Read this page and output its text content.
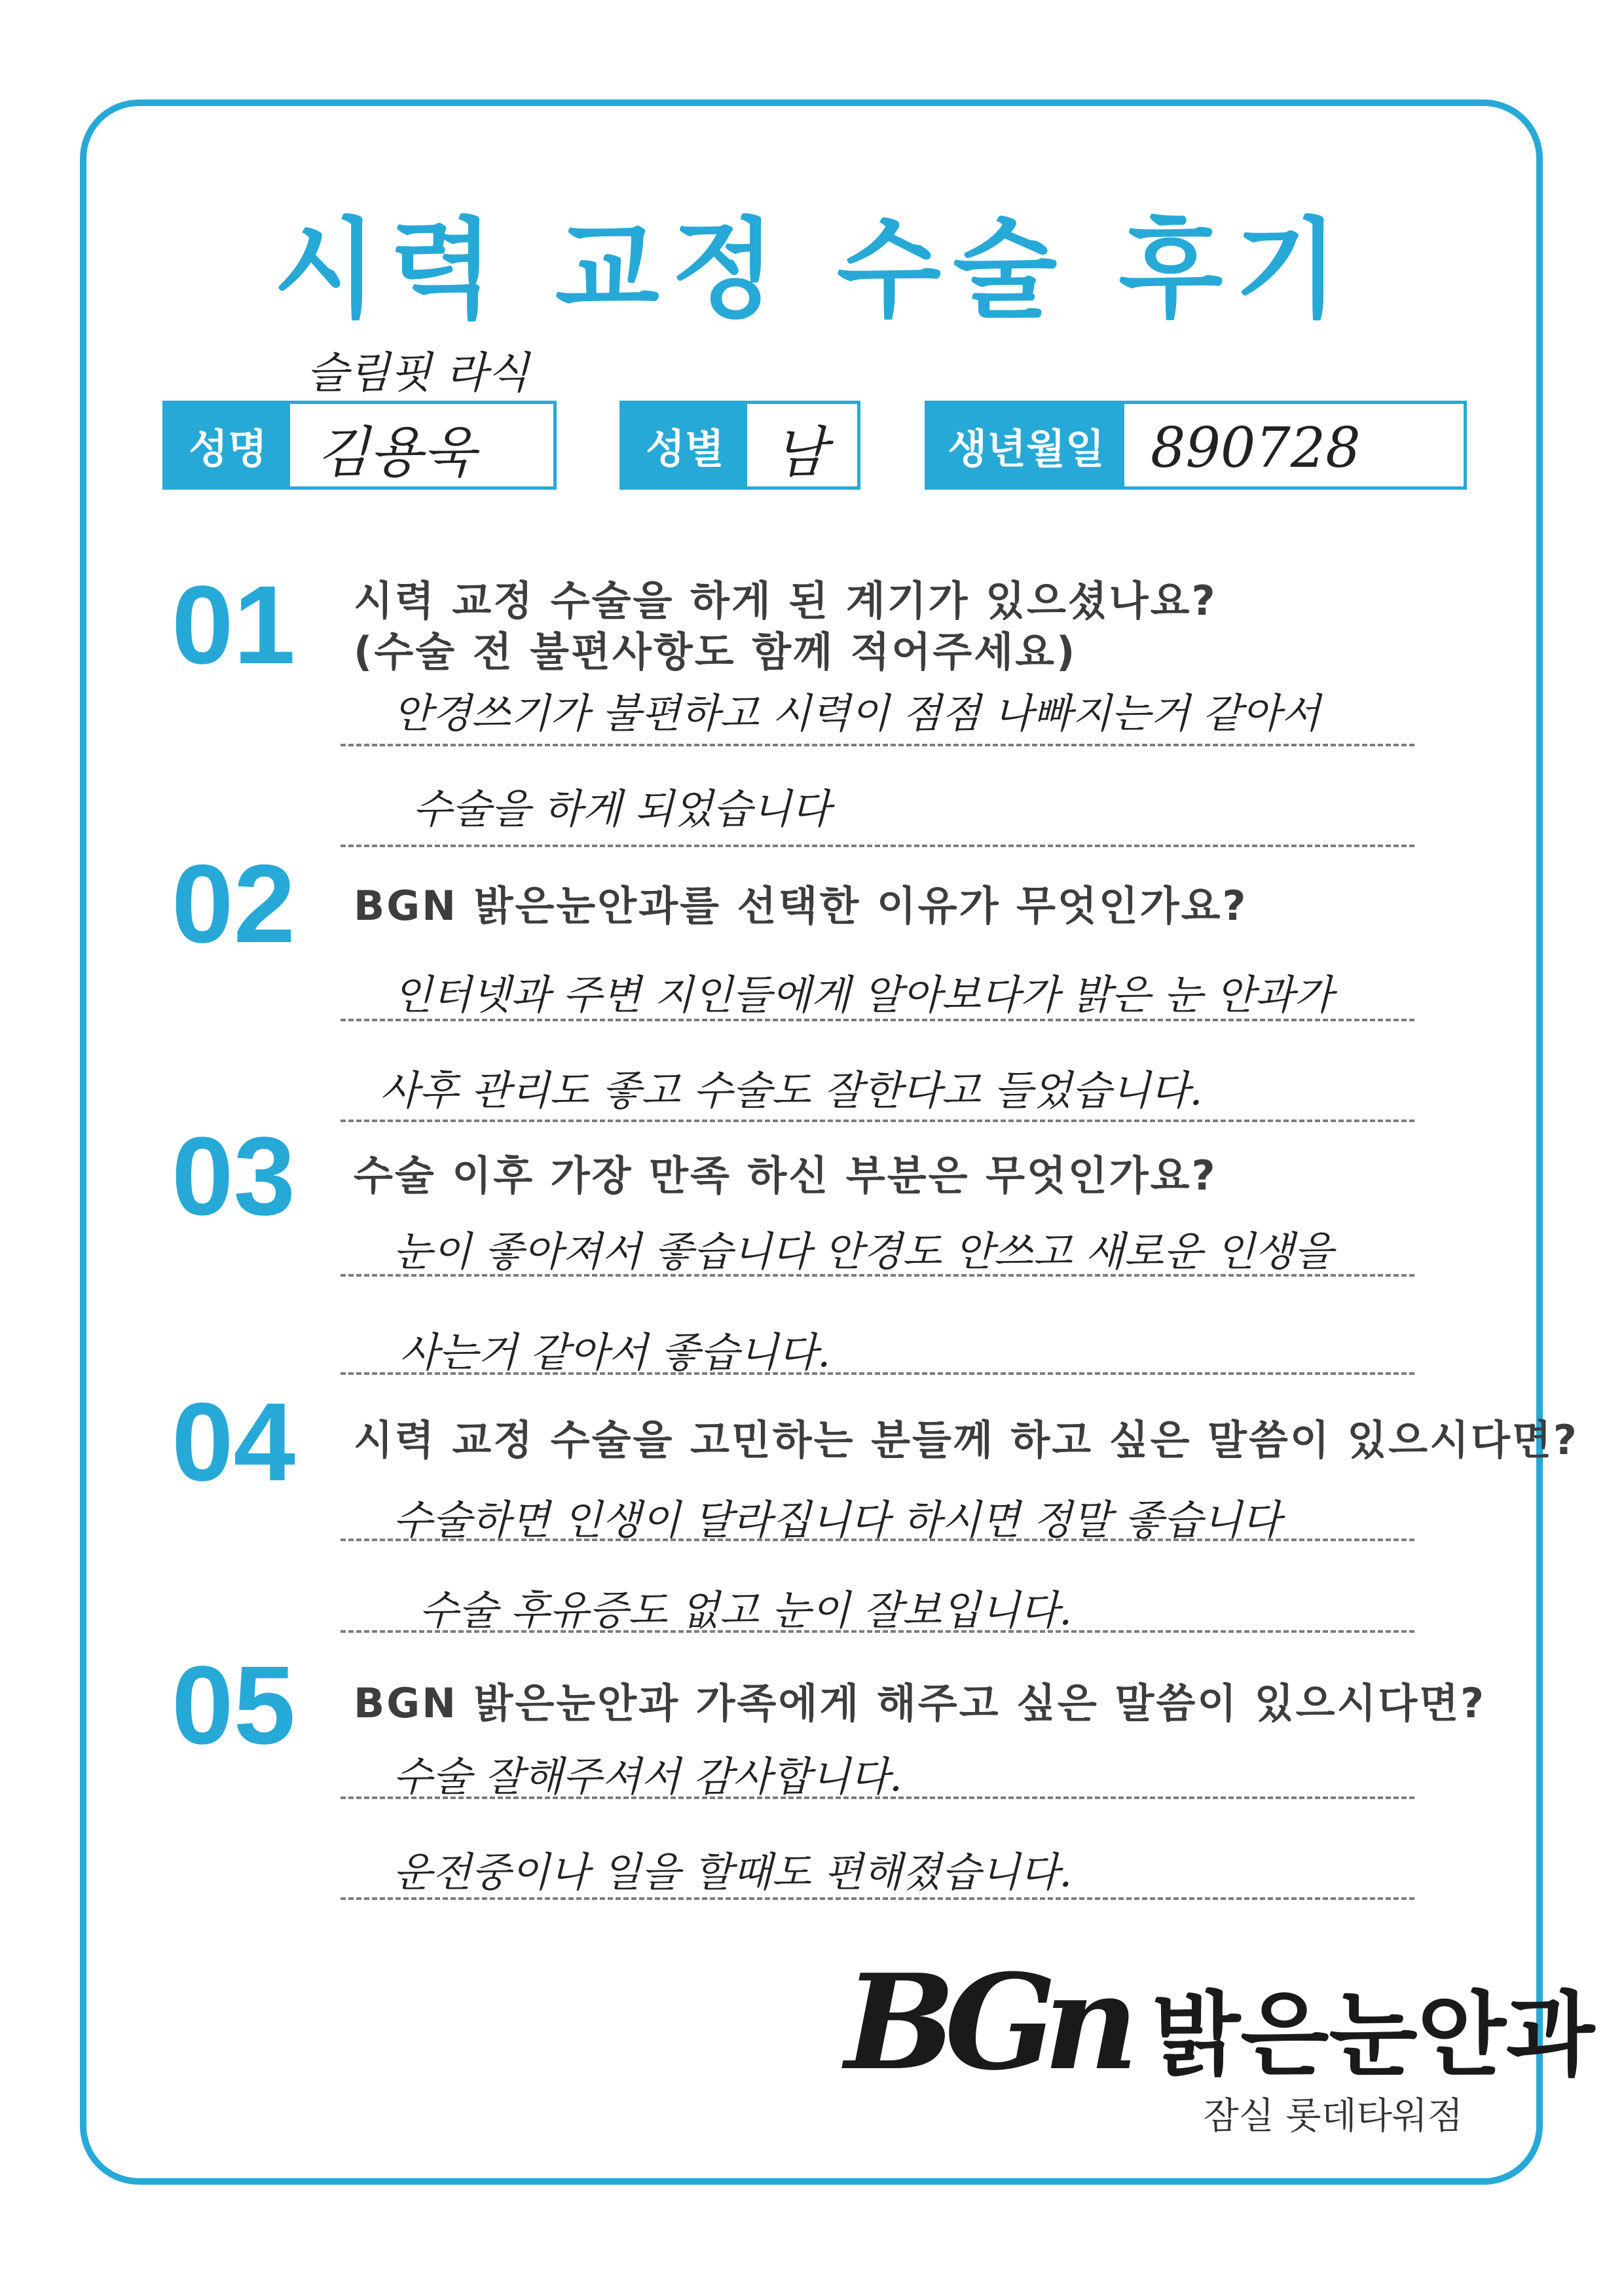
시력 교정 수술 후기
슬림핏 라식
성명 김용욱	성별 남	생년월일 890728
01 시력 교정 수술을 하게 된 계기가 있으셨나요?
(수술 전 불편사항도 함께 적어주세요)
안경쓰기가 불편하고 시력이 점점 나빠지는거 같아서
수술을 하게 되었습니다
02 BGN 밝은눈안과를 선택한 이유가 무엇인가요?
인터넷과 주변 지인들에게 알아보다가 밝은 눈 안과가
사후 관리도 좋고 수술도 잘한다고 들었습니다.
03 수술 이후 가장 만족 하신 부분은 무엇인가요?
눈이 좋아져서 좋습니다 안경도 안쓰고 새로운 인생을
사는거 같아서 좋습니다.
04 시력 교정 수술을 고민하는 분들께 하고 싶은 말씀이 있으시다면?
수술하면 인생이 달라집니다 하시면 정말 좋습니다
수술 후유증도 없고 눈이 잘보입니다.
05 BGN 밝은눈안과 가족에게 해주고 싶은 말씀이 있으시다면?
수술 잘해주셔서 감사합니다.
운전중이나 일을 할때도 편해졌습니다.
BGn 밝은눈안과
잠실 롯데타워점
